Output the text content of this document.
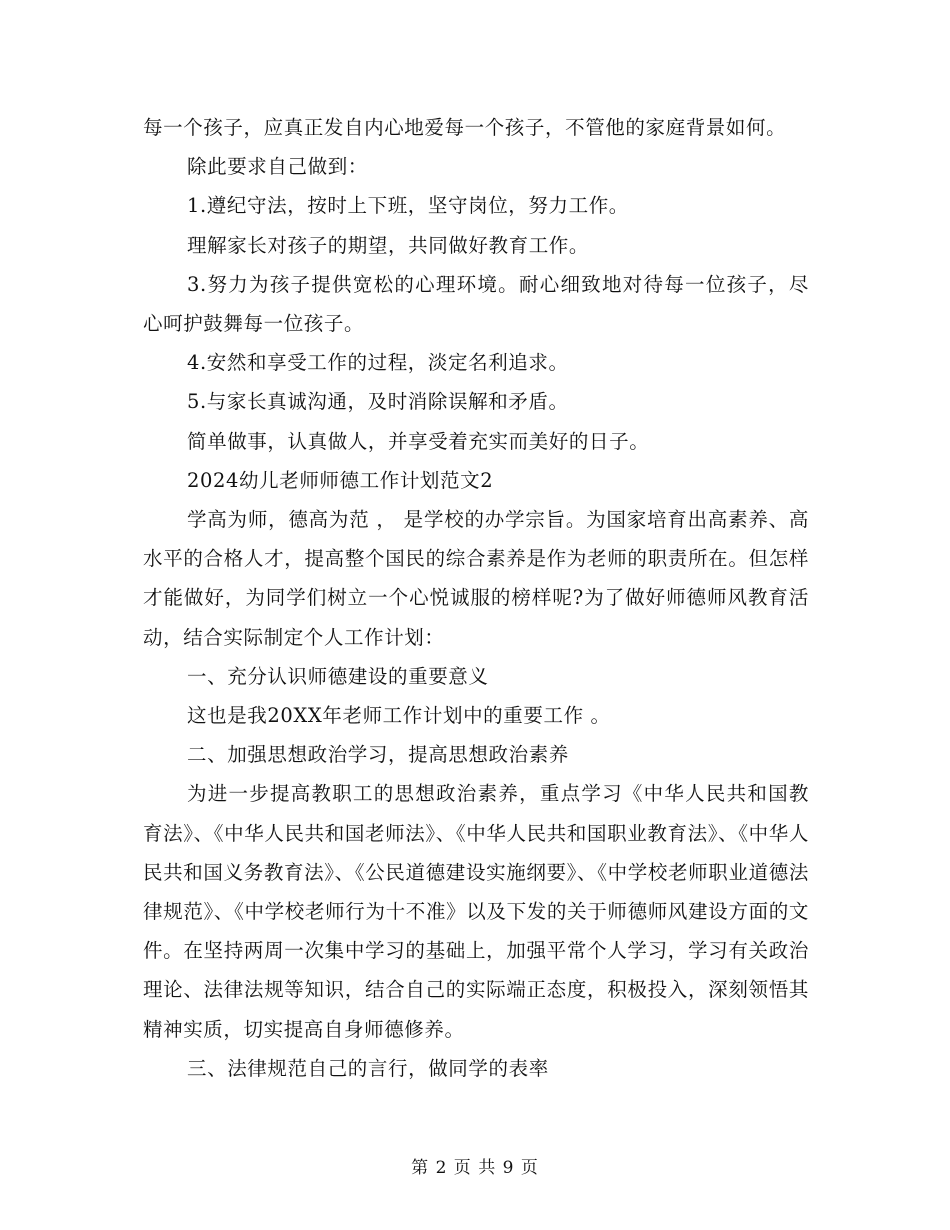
每一个孩子，应真正发自内心地爱每一个孩子，不管他的家庭背景如何。

除此要求自己做到：

1.遵纪守法，按时上下班，坚守岗位，努力工作。

理解家长对孩子的期望，共同做好教育工作。

3.努力为孩子提供宽松的心理环境。耐心细致地对待每一位孩子，尽心呵护鼓舞每一位孩子。

4.安然和享受工作的过程，淡定名利追求。

5.与家长真诚沟通，及时消除误解和矛盾。

简单做事，认真做人，并享受着充实而美好的日子。

2024幼儿老师师德工作计划范文2

学高为师，德高为范 ， 是学校的办学宗旨。为国家培育出高素养、高水平的合格人才，提高整个国民的综合素养是作为老师的职责所在。但怎样才能做好，为同学们树立一个心悦诚服的榜样呢?为了做好师德师风教育活动，结合实际制定个人工作计划：

一、充分认识师德建设的重要意义

这也是我20XX年老师工作计划中的重要工作 。

二、加强思想政治学习，提高思想政治素养

为进一步提高教职工的思想政治素养，重点学习《中华人民共和国教育法》、《中华人民共和国老师法》、《中华人民共和国职业教育法》、《中华人民共和国义务教育法》、《公民道德建设实施纲要》、《中学校老师职业道德法律规范》、《中学校老师行为十不准》以及下发的关于师德师风建设方面的文件。在坚持两周一次集中学习的基础上，加强平常个人学习，学习有关政治理论、法律法规等知识，结合自己的实际端正态度，积极投入，深刻领悟其精神实质，切实提高自身师德修养。

三、法律规范自己的言行，做同学的表率

第 2 页 共 9 页
